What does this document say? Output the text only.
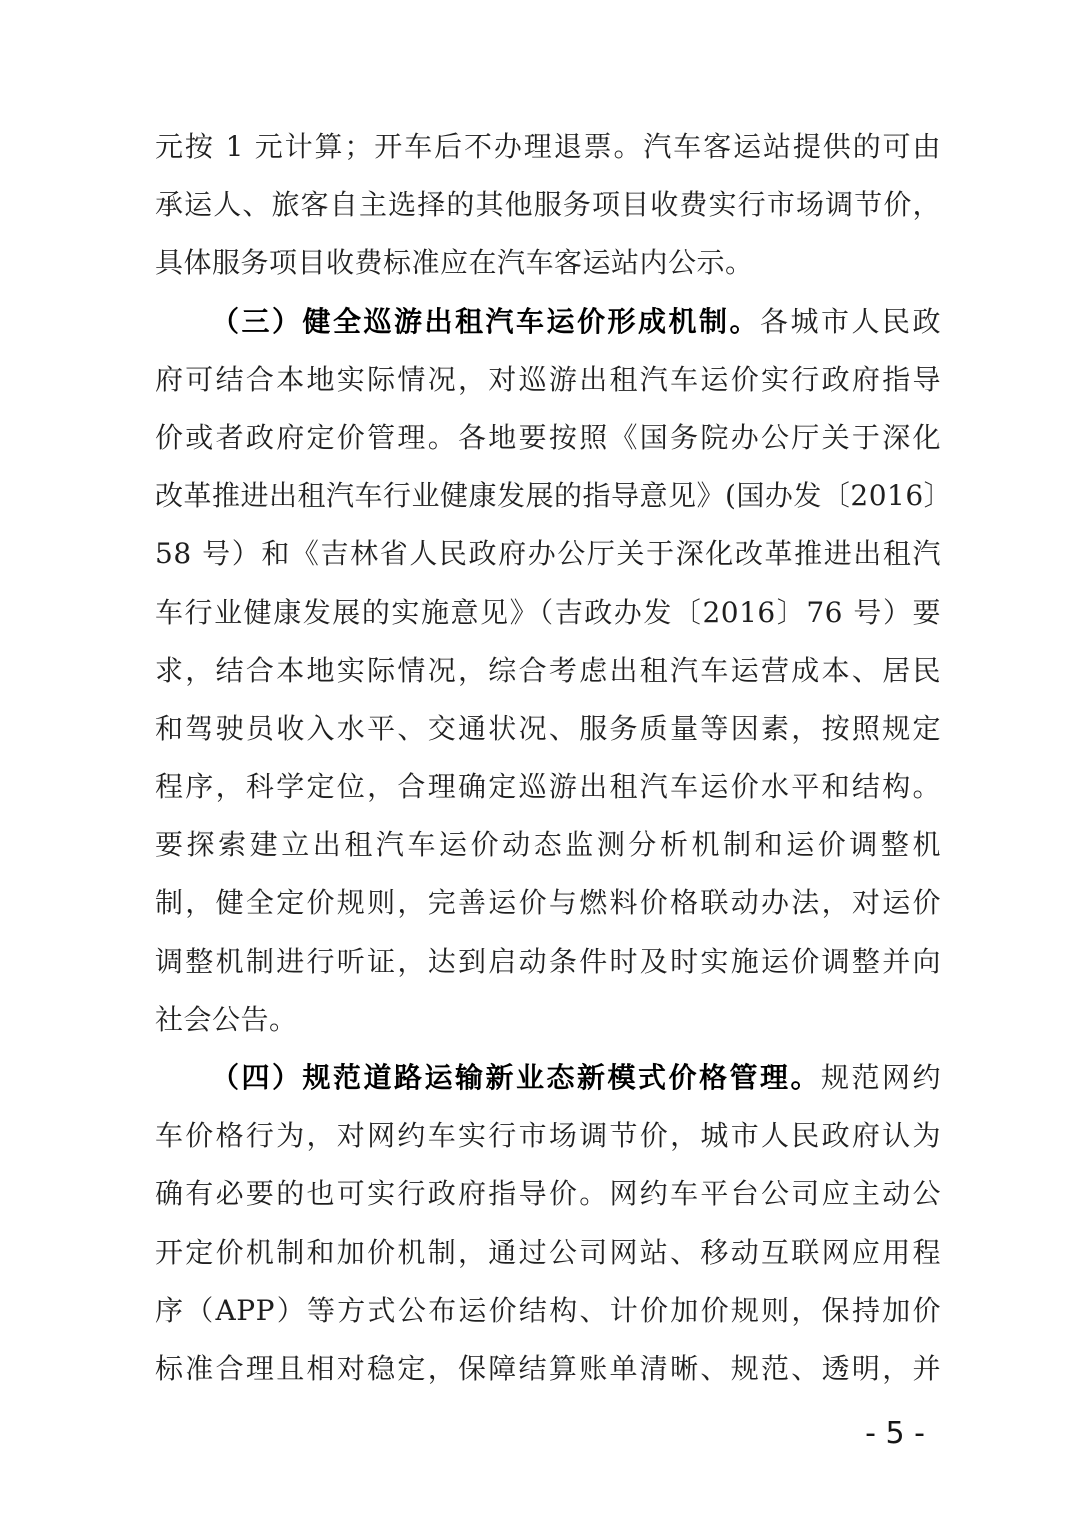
元按 1 元计算；开车后不办理退票。汽车客运站提供的可由
承运人、旅客自主选择的其他服务项目收费实行市场调节价，
具体服务项目收费标准应在汽车客运站内公示。
（三）健全巡游出租汽车运价形成机制。各城市人民政
府可结合本地实际情况，对巡游出租汽车运价实行政府指导
价或者政府定价管理。各地要按照《国务院办公厅关于深化
改革推进出租汽车行业健康发展的指导意见》(国办发〔2016〕
58 号）和《吉林省人民政府办公厅关于深化改革推进出租汽
车行业健康发展的实施意见》（吉政办发〔2016〕76 号）要
求，结合本地实际情况，综合考虑出租汽车运营成本、居民
和驾驶员收入水平、交通状况、服务质量等因素，按照规定
程序，科学定位，合理确定巡游出租汽车运价水平和结构。
要探索建立出租汽车运价动态监测分析机制和运价调整机
制，健全定价规则，完善运价与燃料价格联动办法，对运价
调整机制进行听证，达到启动条件时及时实施运价调整并向
社会公告。
（四）规范道路运输新业态新模式价格管理。规范网约
车价格行为，对网约车实行市场调节价，城市人民政府认为
确有必要的也可实行政府指导价。网约车平台公司应主动公
开定价机制和加价机制，通过公司网站、移动互联网应用程
序（APP）等方式公布运价结构、计价加价规则，保持加价
标准合理且相对稳定，保障结算账单清晰、规范、透明，并
- 5 -
